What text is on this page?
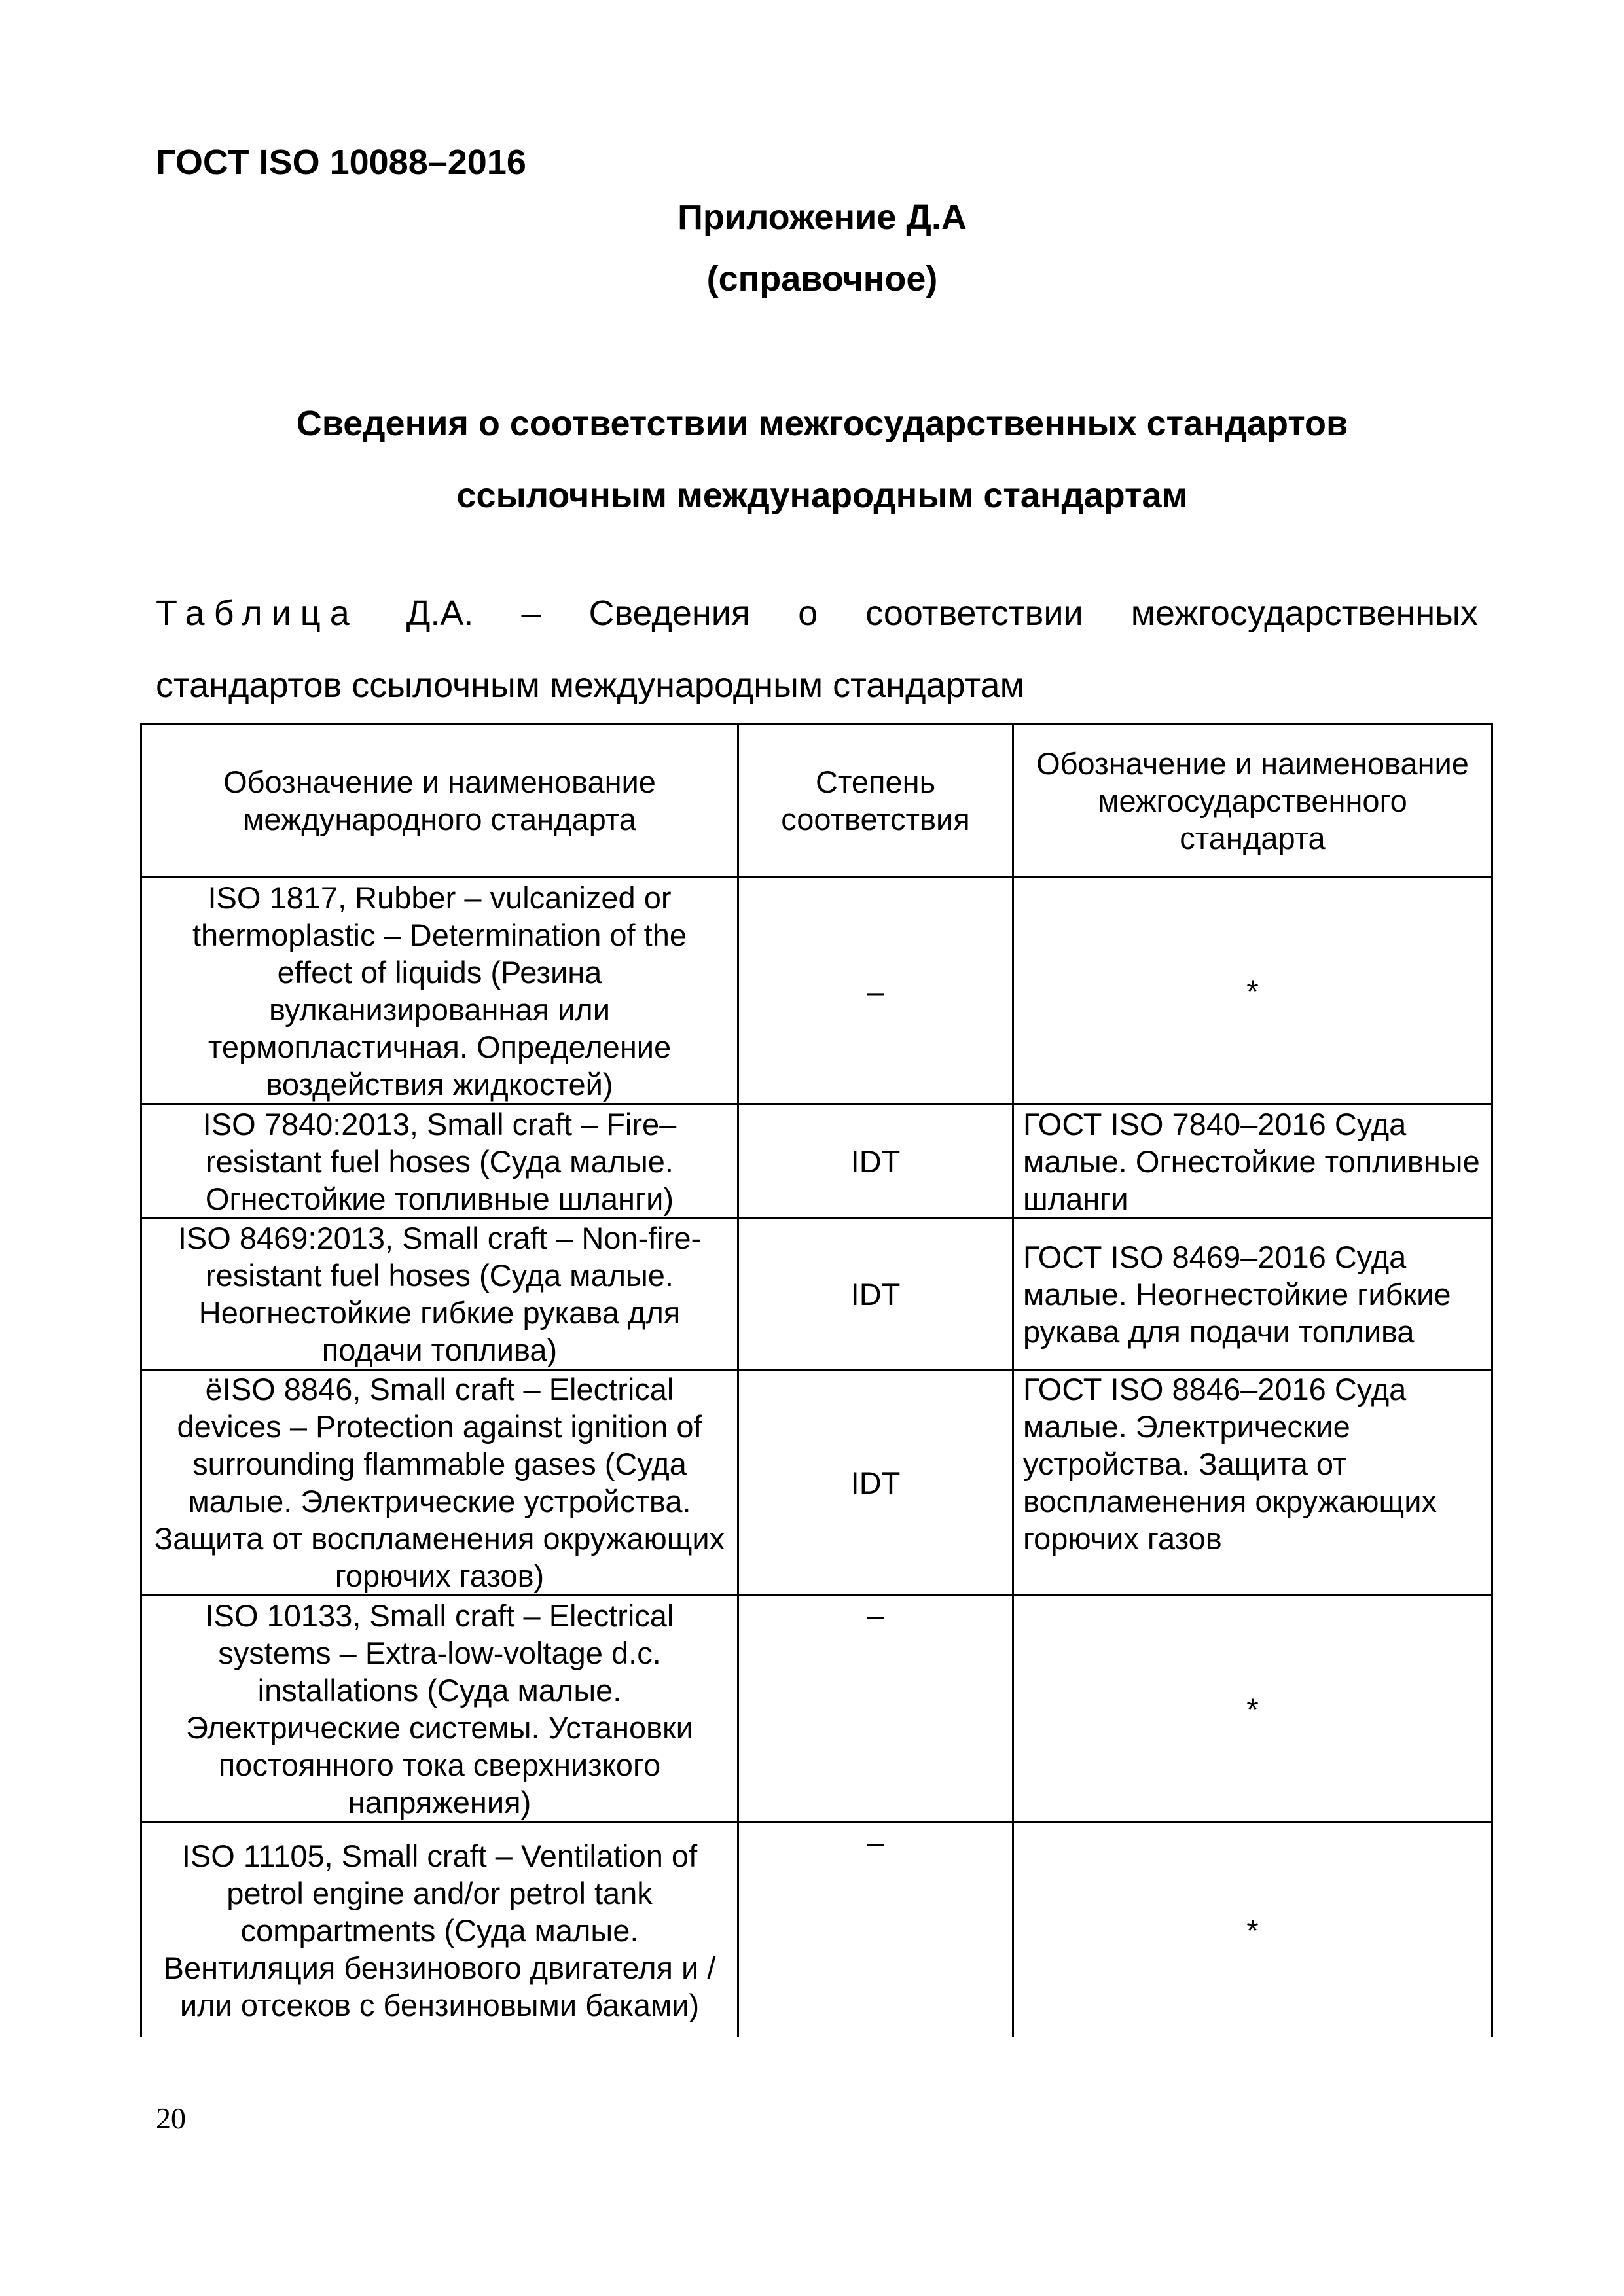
ГОСТ ISO 10088–2016

Приложение Д.А

(справочное)

Сведения о соответствии межгосударственных стандартов
ссылочным международным стандартам

Таблица Д.А. – Сведения о соответствии межгосударственных
стандартов ссылочным международным стандартам

Обозначение и наименование международного стандарта	Степень соответствия	Обозначение и наименование межгосударственного стандарта
ISO 1817, Rubber – vulcanized or thermoplastic – Determination of the effect of liquids (Резина вулканизированная или термопластичная. Определение воздействия жидкостей)	–	*
ISO 7840:2013, Small craft – Fire–resistant fuel hoses (Суда малые. Огнестойкие топливные шланги)	IDT	ГОСТ ISO 7840–2016 Суда малые. Огнестойкие топливные шланги
ISO 8469:2013, Small craft – Non-fire-resistant fuel hoses (Суда малые. Неогнестойкие гибкие рукава для подачи топлива)	IDT	ГОСТ ISO 8469–2016 Суда малые. Неогнестойкие гибкие рукава для подачи топлива
ëISO 8846, Small craft – Electrical devices – Protection against ignition of surrounding flammable gases (Суда малые. Электрические устройства. Защита от воспламенения окружающих горючих газов)	IDT	ГОСТ ISO 8846–2016 Суда малые. Электрические устройства. Защита от воспламенения окружающих горючих газов
ISO 10133, Small craft – Electrical systems – Extra-low-voltage d.c. installations (Суда малые. Электрические системы. Установки постоянного тока сверхнизкого напряжения)	–	*
ISO 11105, Small craft – Ventilation of petrol engine and/or petrol tank compartments (Суда малые. Вентиляция бензинового двигателя и / или отсеков с бензиновыми баками)	–	*

20
